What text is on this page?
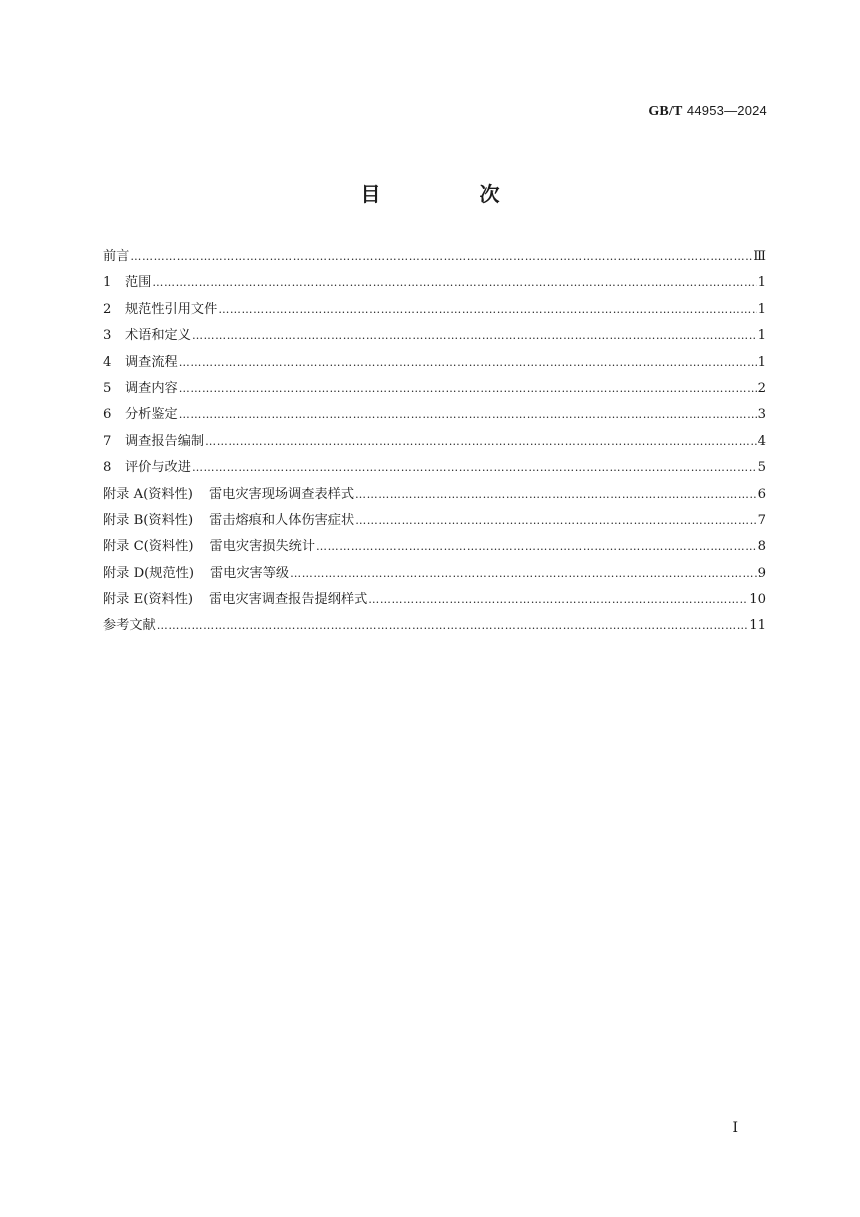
GB/T 44953—2024
目 次
前言 …………………………………………………………………………………………………………………………………………………………………………………………………………………………………………………	Ⅲ
1	范围 …………………………………………………………………………………………………………………………………………………………………………………………………………………………………………………	1
2	规范性引用文件 …………………………………………………………………………………………………………………………………………………………………………………………………………………………………………………	1
3	术语和定义 …………………………………………………………………………………………………………………………………………………………………………………………………………………………………………………	1
4	调查流程 …………………………………………………………………………………………………………………………………………………………………………………………………………………………………………………	1
5	调查内容 …………………………………………………………………………………………………………………………………………………………………………………………………………………………………………………	2
6	分析鉴定 …………………………………………………………………………………………………………………………………………………………………………………………………………………………………………………	3
7	调查报告编制 …………………………………………………………………………………………………………………………………………………………………………………………………………………………………………………	4
8	评价与改进 …………………………………………………………………………………………………………………………………………………………………………………………………………………………………………………	5
附录 A(资料性) 雷电灾害现场调查表样式 …………………………………………………………………………………………………………………………………………………………………………………………………………………………………………………	6
附录 B(资料性) 雷击熔痕和人体伤害症状 …………………………………………………………………………………………………………………………………………………………………………………………………………………………………………………	7
附录 C(资料性) 雷电灾害损失统计 …………………………………………………………………………………………………………………………………………………………………………………………………………………………………………………	8
附录 D(规范性) 雷电灾害等级 …………………………………………………………………………………………………………………………………………………………………………………………………………………………………………………	9
附录 E(资料性) 雷电灾害调查报告提纲样式 …………………………………………………………………………………………………………………………………………………………………………………………………………………………………………………	10
参考文献 …………………………………………………………………………………………………………………………………………………………………………………………………………………………………………………	11
Ⅰ
